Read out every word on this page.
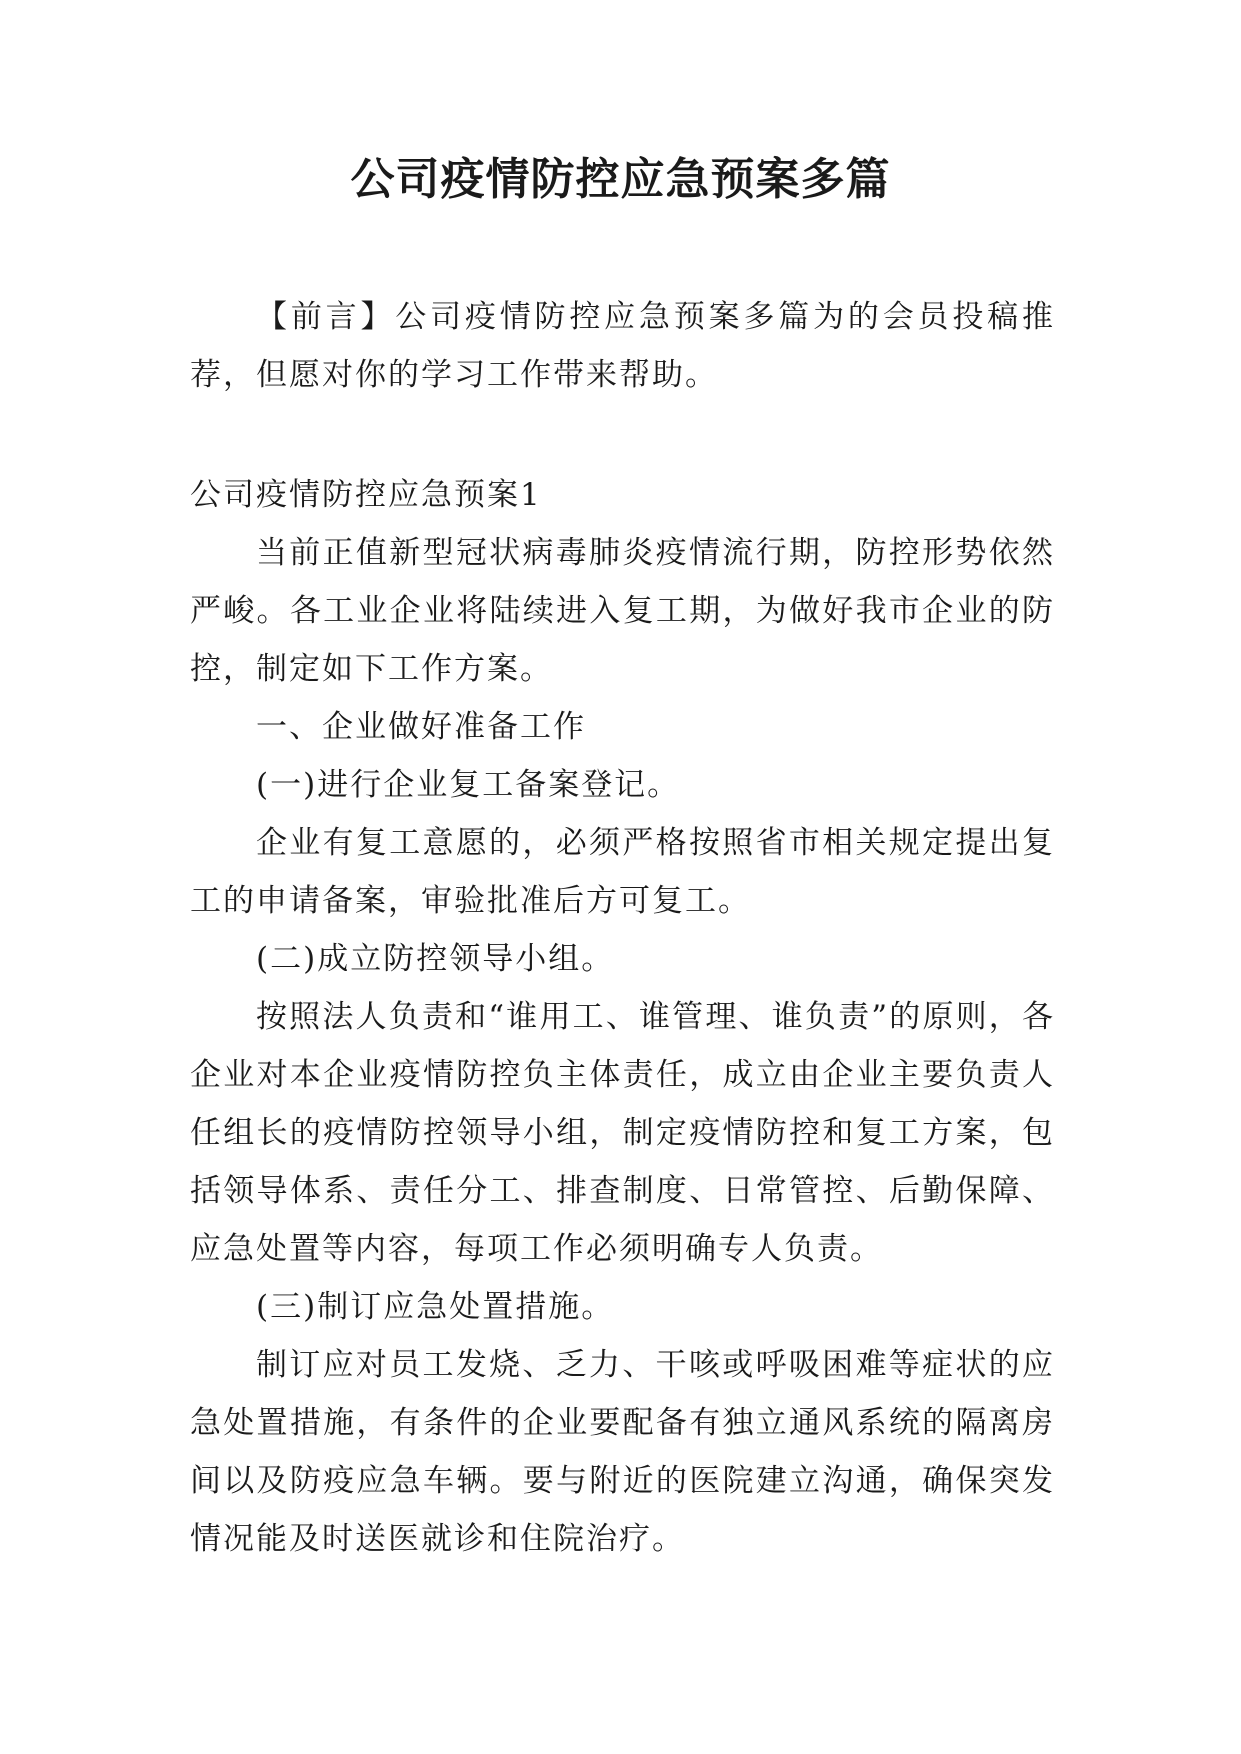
公司疫情防控应急预案多篇

【前言】公司疫情防控应急预案多篇为的会员投稿推荐，但愿对你的学习工作带来帮助。

公司疫情防控应急预案1

当前正值新型冠状病毒肺炎疫情流行期，防控形势依然严峻。各工业企业将陆续进入复工期，为做好我市企业的防控，制定如下工作方案。

一、企业做好准备工作

(一)进行企业复工备案登记。

企业有复工意愿的，必须严格按照省市相关规定提出复工的申请备案，审验批准后方可复工。

(二)成立防控领导小组。

按照法人负责和“谁用工、谁管理、谁负责”的原则，各企业对本企业疫情防控负主体责任，成立由企业主要负责人任组长的疫情防控领导小组，制定疫情防控和复工方案，包括领导体系、责任分工、排查制度、日常管控、后勤保障、应急处置等内容，每项工作必须明确专人负责。

(三)制订应急处置措施。

制订应对员工发烧、乏力、干咳或呼吸困难等症状的应急处置措施，有条件的企业要配备有独立通风系统的隔离房间以及防疫应急车辆。要与附近的医院建立沟通，确保突发情况能及时送医就诊和住院治疗。
